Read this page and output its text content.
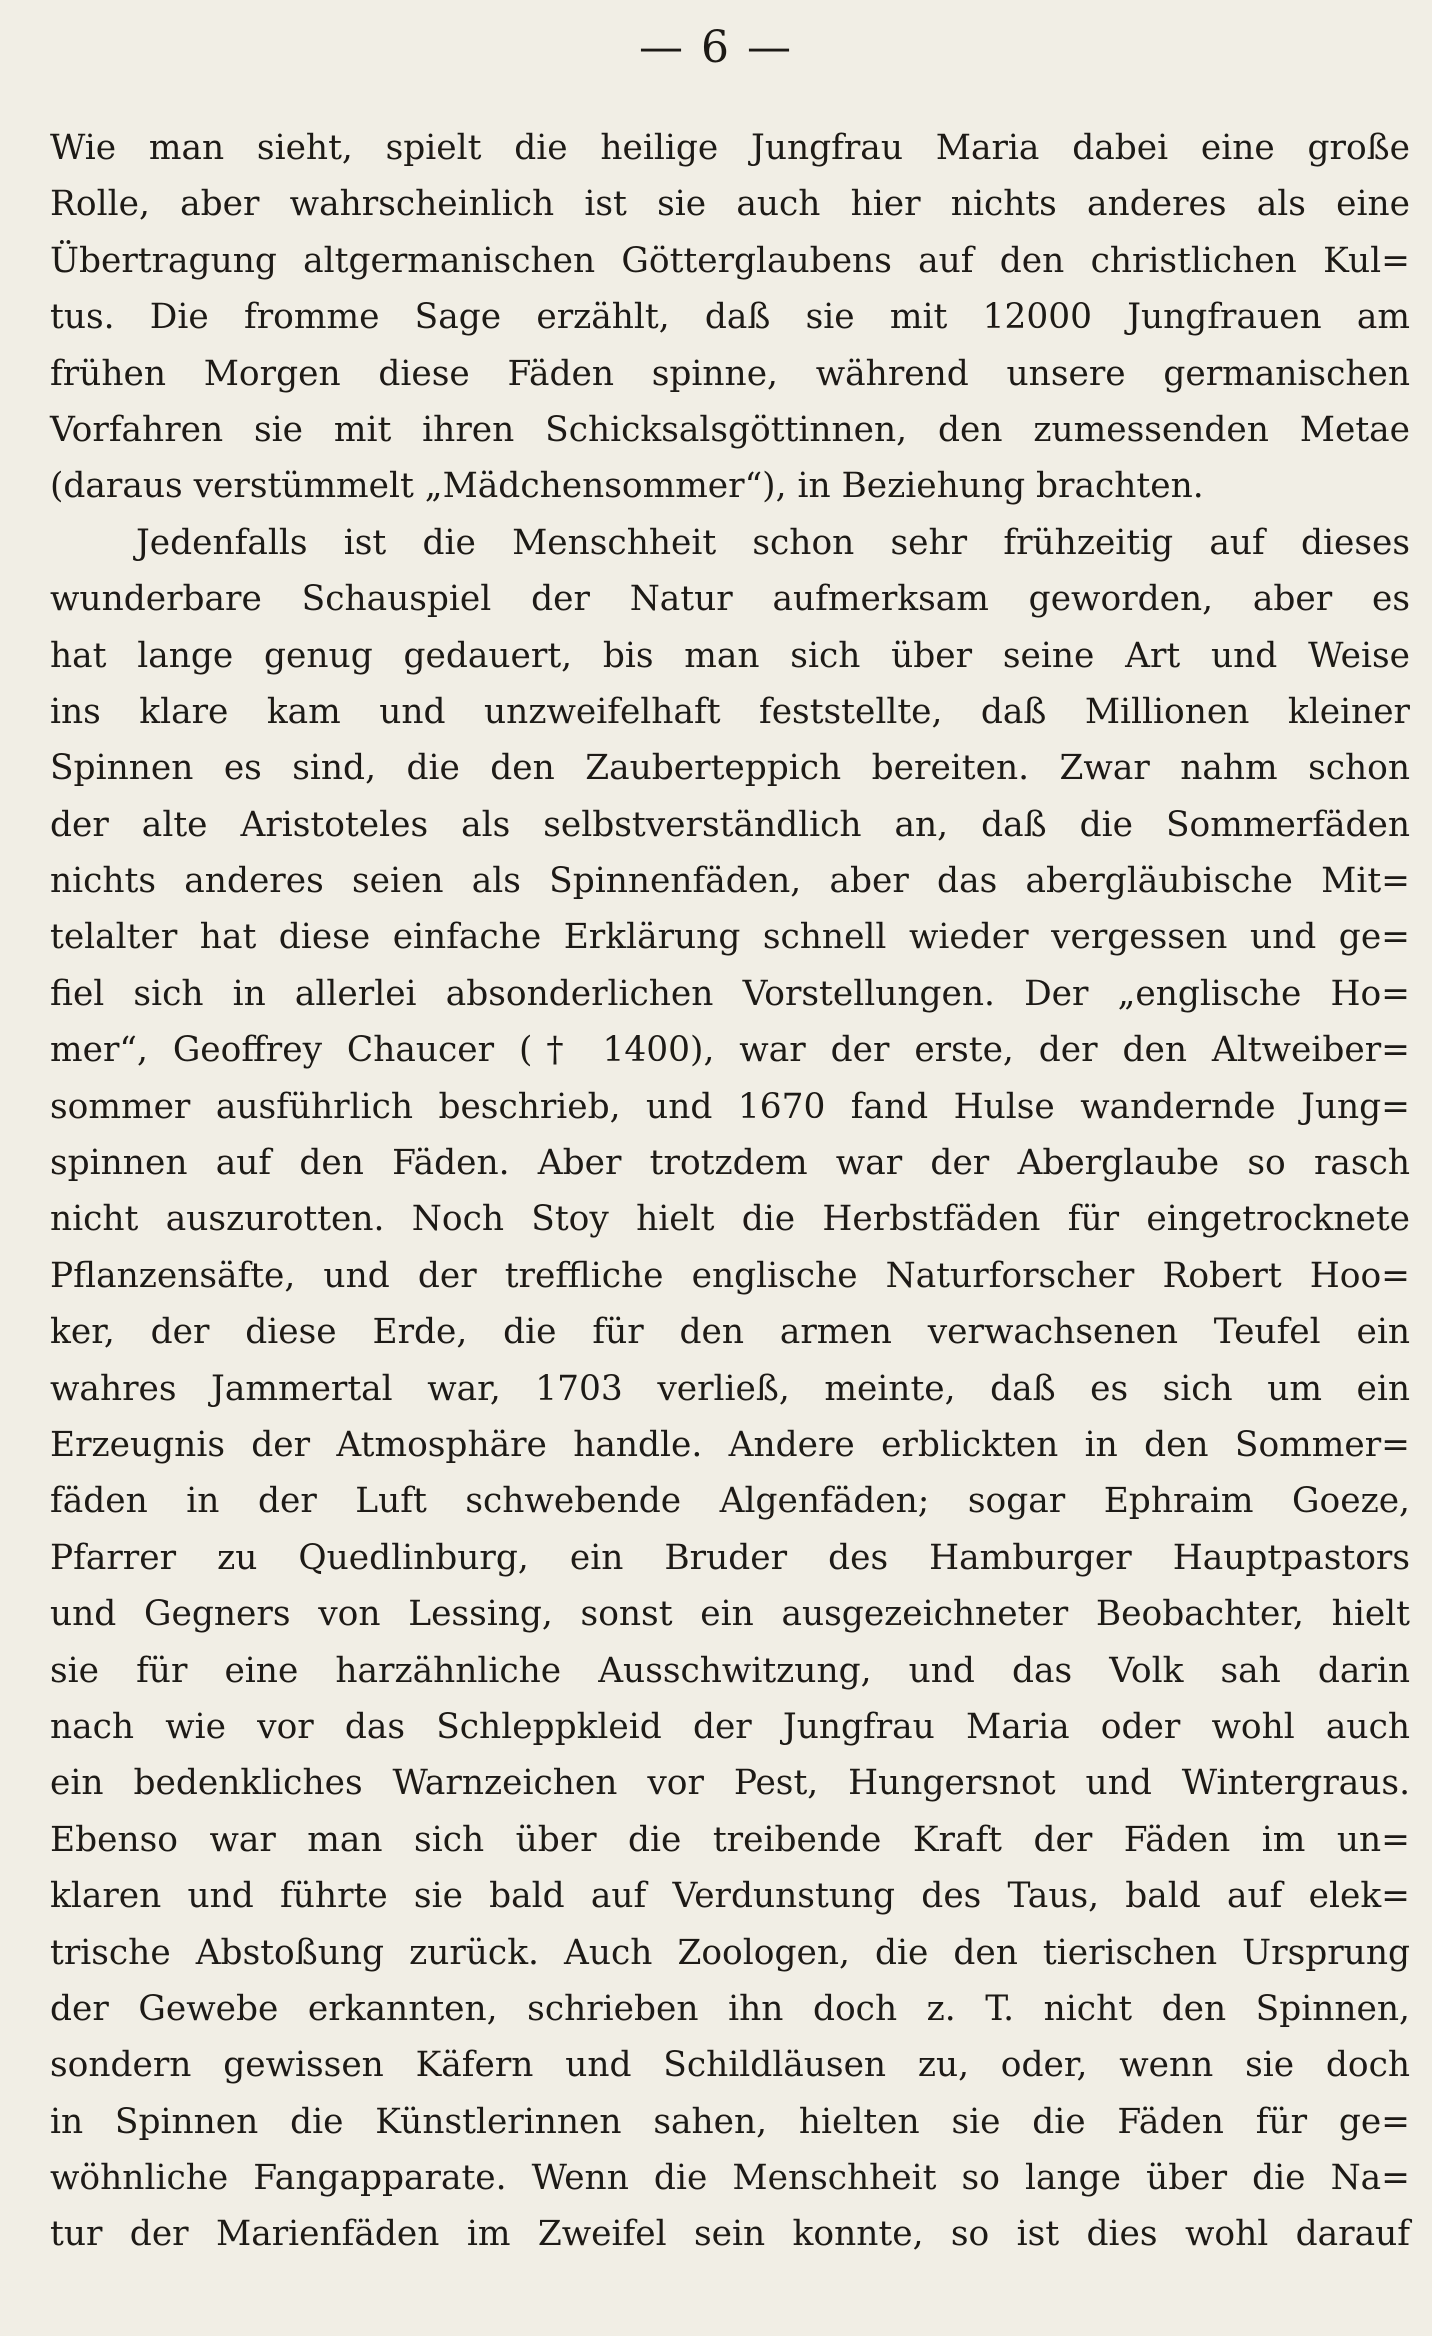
— 6 —
Wie man sieht, spielt die heilige Jungfrau Maria dabei eine große
Rolle, aber wahrscheinlich ist sie auch hier nichts anderes als eine
Übertragung altgermanischen Götterglaubens auf den christlichen Kul=
tus. Die fromme Sage erzählt, daß sie mit 12000 Jungfrauen am
frühen Morgen diese Fäden spinne, während unsere germanischen
Vorfahren sie mit ihren Schicksalsgöttinnen, den zumessenden Metae
(daraus verstümmelt „Mädchensommer“), in Beziehung brachten.
Jedenfalls ist die Menschheit schon sehr frühzeitig auf dieses
wunderbare Schauspiel der Natur aufmerksam geworden, aber es
hat lange genug gedauert, bis man sich über seine Art und Weise
ins klare kam und unzweifelhaft feststellte, daß Millionen kleiner
Spinnen es sind, die den Zauberteppich bereiten. Zwar nahm schon
der alte Aristoteles als selbstverständlich an, daß die Sommerfäden
nichts anderes seien als Spinnenfäden, aber das abergläubische Mit=
telalter hat diese einfache Erklärung schnell wieder vergessen und ge=
fiel sich in allerlei absonderlichen Vorstellungen. Der „englische Ho=
mer“, Geoffrey Chaucer († 1400), war der erste, der den Altweiber=
sommer ausführlich beschrieb, und 1670 fand Hulse wandernde Jung=
spinnen auf den Fäden. Aber trotzdem war der Aberglaube so rasch
nicht auszurotten. Noch Stoy hielt die Herbstfäden für eingetrocknete
Pflanzensäfte, und der treffliche englische Naturforscher Robert Hoo=
ker, der diese Erde, die für den armen verwachsenen Teufel ein
wahres Jammertal war, 1703 verließ, meinte, daß es sich um ein
Erzeugnis der Atmosphäre handle. Andere erblickten in den Sommer=
fäden in der Luft schwebende Algenfäden; sogar Ephraim Goeze,
Pfarrer zu Quedlinburg, ein Bruder des Hamburger Hauptpastors
und Gegners von Lessing, sonst ein ausgezeichneter Beobachter, hielt
sie für eine harzähnliche Ausschwitzung, und das Volk sah darin
nach wie vor das Schleppkleid der Jungfrau Maria oder wohl auch
ein bedenkliches Warnzeichen vor Pest, Hungersnot und Wintergraus.
Ebenso war man sich über die treibende Kraft der Fäden im un=
klaren und führte sie bald auf Verdunstung des Taus, bald auf elek=
trische Abstoßung zurück. Auch Zoologen, die den tierischen Ursprung
der Gewebe erkannten, schrieben ihn doch z. T. nicht den Spinnen,
sondern gewissen Käfern und Schildläusen zu, oder, wenn sie doch
in Spinnen die Künstlerinnen sahen, hielten sie die Fäden für ge=
wöhnliche Fangapparate. Wenn die Menschheit so lange über die Na=
tur der Marienfäden im Zweifel sein konnte, so ist dies wohl darauf
